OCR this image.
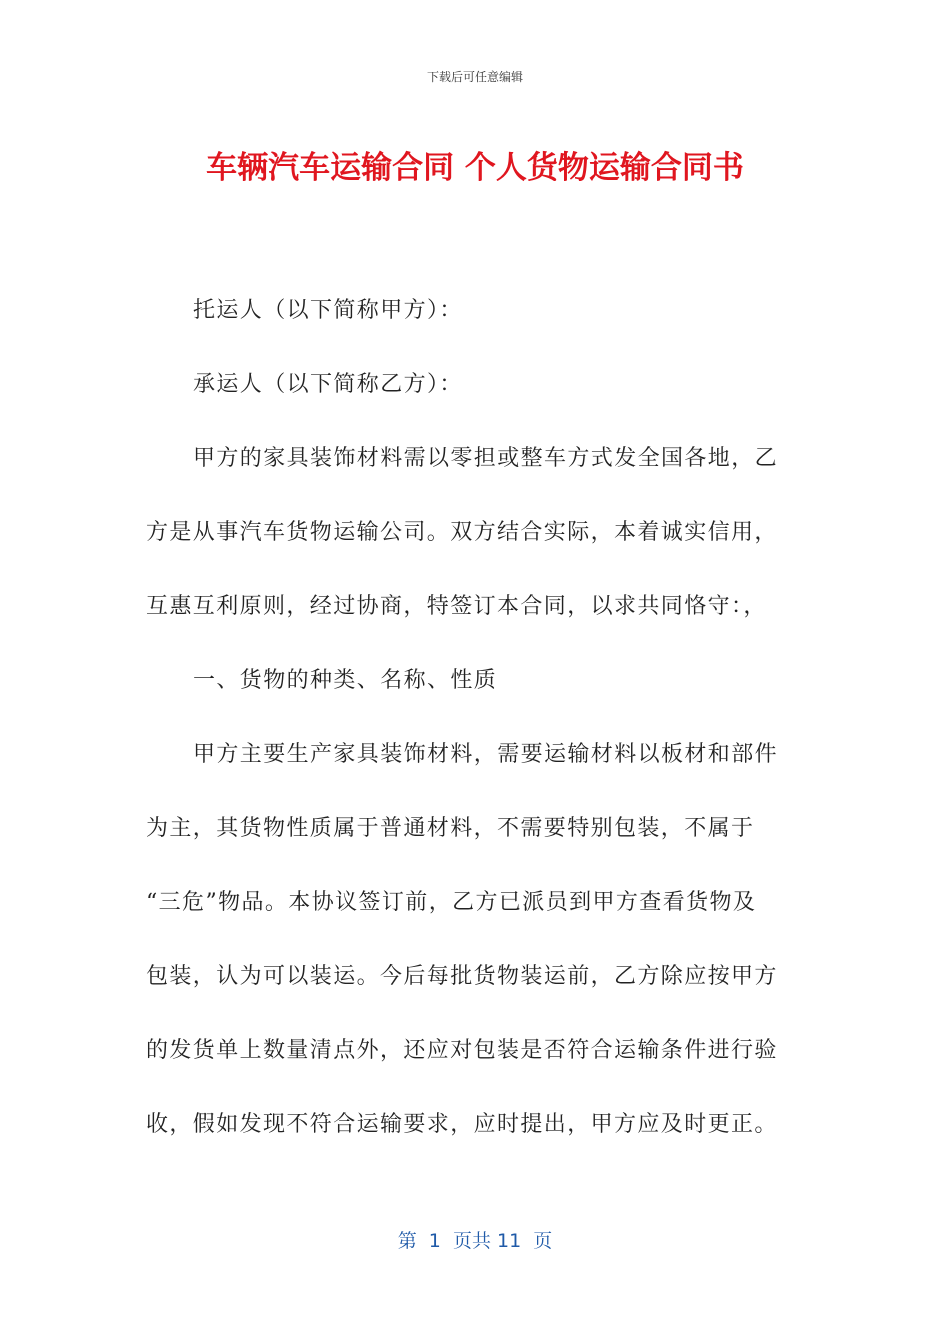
下载后可任意编辑
车辆汽车运输合同 个人货物运输合同书

托运人（以下简称甲方）：

承运人（以下简称乙方）：

甲方的家具装饰材料需以零担或整车方式发全国各地，乙
方是从事汽车货物运输公司。双方结合实际，本着诚实信用，
互惠互利原则，经过协商，特签订本合同，以求共同恪守：，

一、货物的种类、名称、性质

甲方主要生产家具装饰材料，需要运输材料以板材和部件
为主，其货物性质属于普通材料，不需要特别包装，不属于
“三危”物品。本协议签订前，乙方已派员到甲方查看货物及
包装，认为可以装运。今后每批货物装运前，乙方除应按甲方
的发货单上数量清点外，还应对包装是否符合运输条件进行验
收，假如发现不符合运输要求，应时提出，甲方应及时更正。

第  1  页共 11  页
